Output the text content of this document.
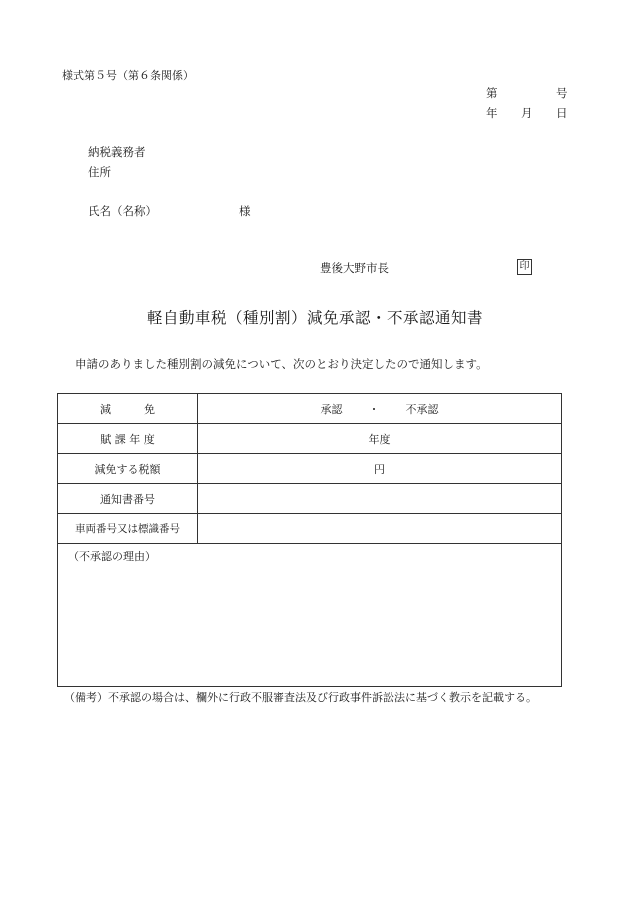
様式第５号（第６条関係）
第	号
年 月 日
納税義務者
住所
氏名（名称）	様
豊後大野市長	印
軽自動車税（種別割）減免承認・不承認通知書
申請のありました種別割の減免について、次のとおり決定したので通知します。
減　　　免	承認 ・ 不承認
賦 課 年 度	年度
減免する税額	円
通知書番号	
車両番号又は標識番号	
（不承認の理由）	
（備考）不承認の場合は、欄外に行政不服審査法及び行政事件訴訟法に基づく教示を記載する。
